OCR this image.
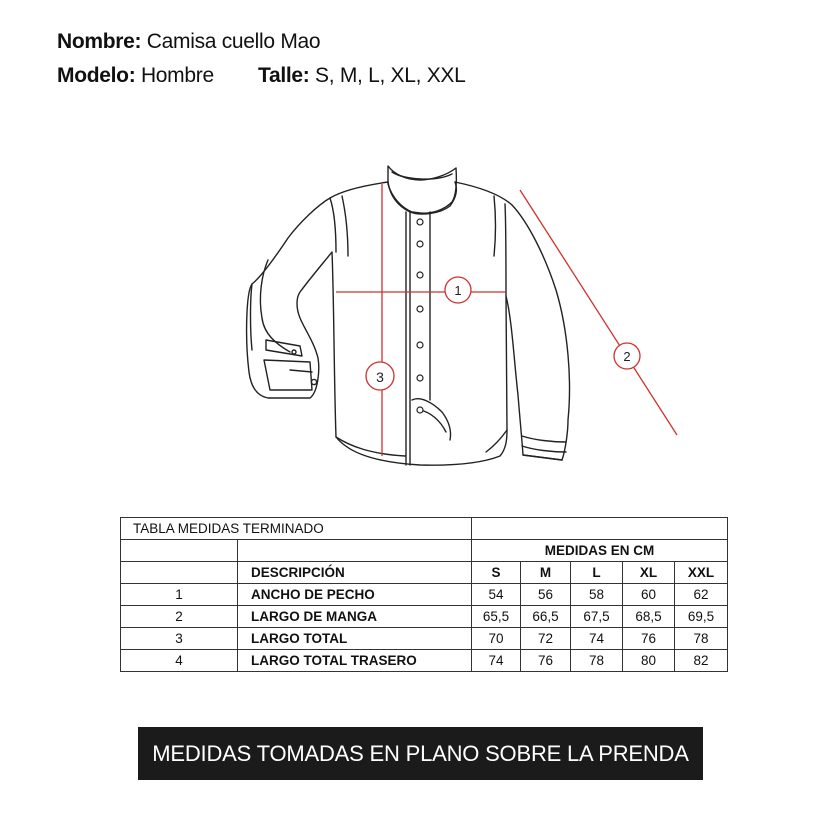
Nombre: Camisa cuello Mao
Modelo: Hombre Talle: S, M, L, XL, XXL
1
2
3
TABLA MEDIDAS TERMINADO						
		MEDIDAS EN CM				
	DESCRIPCIÓN	S	M	L	XL	XXL
1	ANCHO DE PECHO	54	56	58	60	62
2	LARGO DE MANGA	65,5	66,5	67,5	68,5	69,5
3	LARGO TOTAL	70	72	74	76	78
4	LARGO TOTAL TRASERO	74	76	78	80	82
MEDIDAS TOMADAS EN PLANO SOBRE LA PRENDA
